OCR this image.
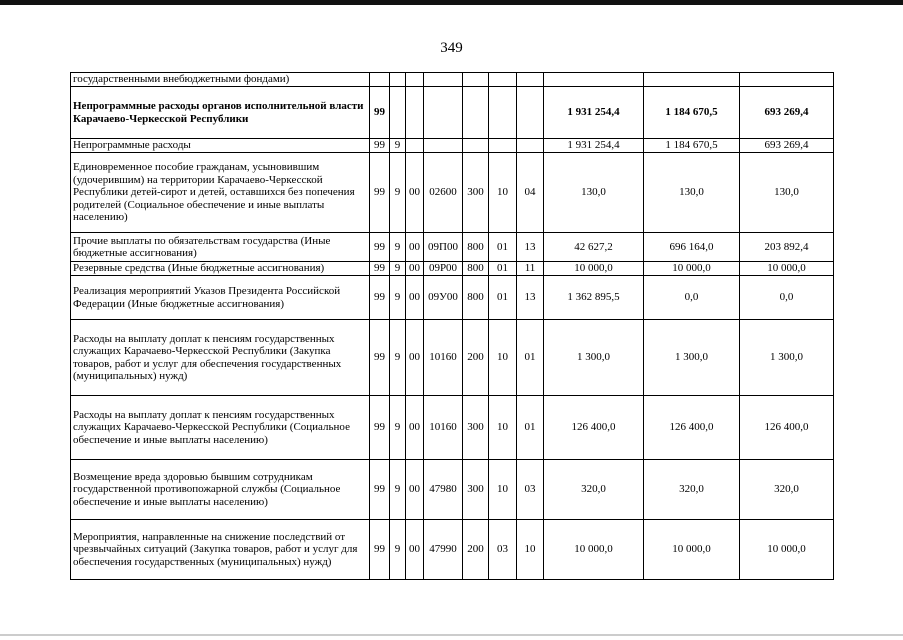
349
государственными внебюджетными фондами)										
Непрограммные расходы органов исполнительной власти Карачаево-Черкесской Республики	99							1 931 254,4	1 184 670,5	693 269,4
Непрограммные расходы	99	9						1 931 254,4	1 184 670,5	693 269,4
Единовременное пособие гражданам, усыновившим (удочерившим) на территории Карачаево-Черкесской Республики детей-сирот и детей, оставшихся без попечения родителей (Социальное обеспечение и иные выплаты населению)	99	9	00	02600	300	10	04	130,0	130,0	130,0
Прочие выплаты по обязательствам государства (Иные бюджетные ассигнования)	99	9	00	09П00	800	01	13	42 627,2	696 164,0	203 892,4
Резервные средства (Иные бюджетные ассигнования)	99	9	00	09Р00	800	01	11	10 000,0	10 000,0	10 000,0
Реализация мероприятий Указов Президента Российской Федерации (Иные бюджетные ассигнования)	99	9	00	09У00	800	01	13	1 362 895,5	0,0	0,0
Расходы на выплату доплат к пенсиям государственных служащих Карачаево-Черкесской Республики (Закупка товаров, работ и услуг для обеспечения государственных (муниципальных) нужд)	99	9	00	10160	200	10	01	1 300,0	1 300,0	1 300,0
Расходы на выплату доплат к пенсиям государственных служащих Карачаево-Черкесской Республики (Социальное обеспечение и иные выплаты населению)	99	9	00	10160	300	10	01	126 400,0	126 400,0	126 400,0
Возмещение вреда здоровью бывшим сотрудникам государственной противопожарной службы (Социальное обеспечение и иные выплаты населению)	99	9	00	47980	300	10	03	320,0	320,0	320,0
Мероприятия, направленные на снижение последствий от чрезвычайных ситуаций (Закупка товаров, работ и услуг для обеспечения государственных (муниципальных) нужд)	99	9	00	47990	200	03	10	10 000,0	10 000,0	10 000,0
